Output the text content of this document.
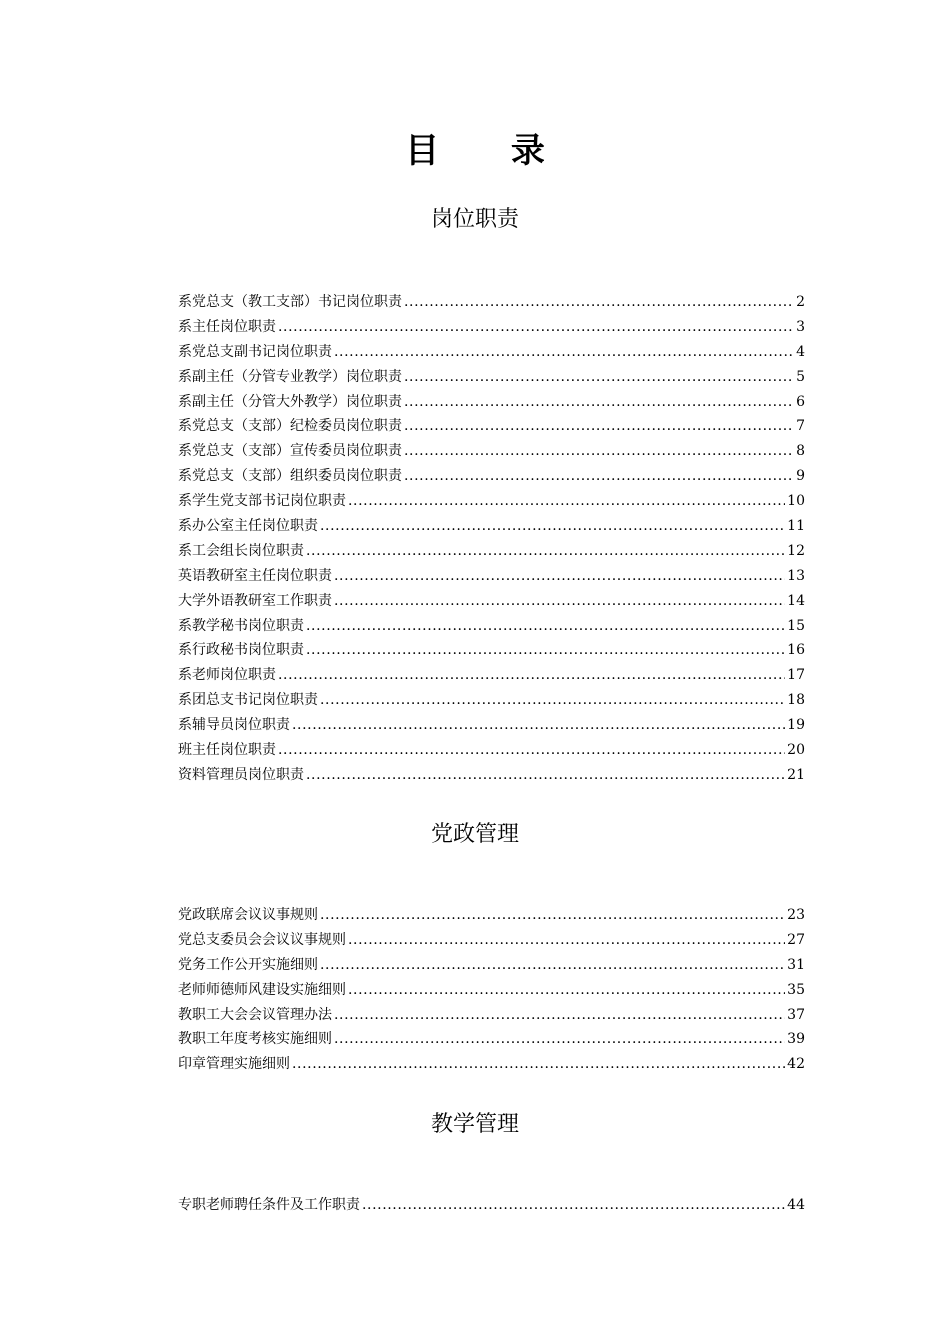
目 录
岗位职责
系党总支（教工支部）书记岗位职责 .....	2
系主任岗位职责 .....	3
系党总支副书记岗位职责 .....	4
系副主任（分管专业教学）岗位职责 .....	5
系副主任（分管大外教学）岗位职责 .....	6
系党总支（支部）纪检委员岗位职责 .....	7
系党总支（支部）宣传委员岗位职责 .....	8
系党总支（支部）组织委员岗位职责 .....	9
系学生党支部书记岗位职责 .....	10
系办公室主任岗位职责 .....	11
系工会组长岗位职责 .....	12
英语教研室主任岗位职责 .....	13
大学外语教研室工作职责 .....	14
系教学秘书岗位职责 .....	15
系行政秘书岗位职责 .....	16
系老师岗位职责 .....	17
系团总支书记岗位职责 .....	18
系辅导员岗位职责 .....	19
班主任岗位职责 .....	20
资料管理员岗位职责 .....	21
党政管理
党政联席会议议事规则 .....	23
党总支委员会会议议事规则 .....	27
党务工作公开实施细则 .....	31
老师师德师风建设实施细则 .....	35
教职工大会会议管理办法 .....	37
教职工年度考核实施细则 .....	39
印章管理实施细则 .....	42
教学管理
专职老师聘任条件及工作职责 .....	44
